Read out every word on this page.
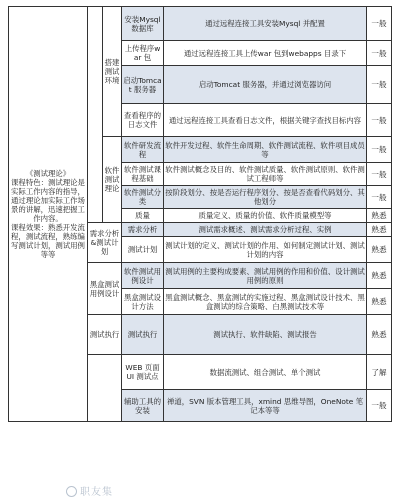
《测试理论》
课程特色：测试理论是实际工作内容的指导，通过理论加实际工作场景的讲解，迅速把握工作内容。
课程效果：熟悉开发流程，测试流程，熟练编写测试计划，测试用例等等		搭建测试环境	安装Mysql数据库	通过远程连接工具安装Mysql 并配置	一般
			上传程序war 包	通过远程连接工具上传war 包到webapps 目录下	一般
			启动Tomcat 服务器	启动Tomcat 服务器，并通过浏览器访问	一般
			查看程序的日志文件	通过远程连接工具查看日志文件，根据关键字查找目标内容	一般
		软件测试理论	软件研发流程	软件开发过程、软件生命周期、软件测试流程、软件项目成员等	一般
			软件测试课程基础	软件测试概念及目的、软件测试质量、软件测试原则、软件测试工程师等	一般
			软件测试分类	按阶段划分、按是否运行程序划分、按是否查看代码划分、其他划分	一般
			质量	质量定义、质量的价值、软件质量模型等	熟悉
	需求分析&测试计划		需求分析	测试需求概述、测试需求分析过程、实例	熟悉
			测试计划	测试计划的定义、测试计划的作用、如何制定测试计划、测试计划的内容	熟悉
	黑盒测试用例设计		软件测试用例设计	测试用例的主要构成要素、测试用例的作用和价值、设计测试用例的原则	熟悉
			黑盒测试设计方法	黑盒测试概念、黑盒测试的实施过程、黑盒测试设计技术、黑盒测试的综合策略、白黑测试技术等	熟悉
	测试执行		测试执行	测试执行、软件缺陷、测试报告	熟悉
			WEB 页面UI 测试点	数据流测试、组合测试、单个测试	了解
			辅助工具的安装	禅道，SVN 版本管理工具，xmind 思维导图，OneNote 笔记本等等	一般
职友集
